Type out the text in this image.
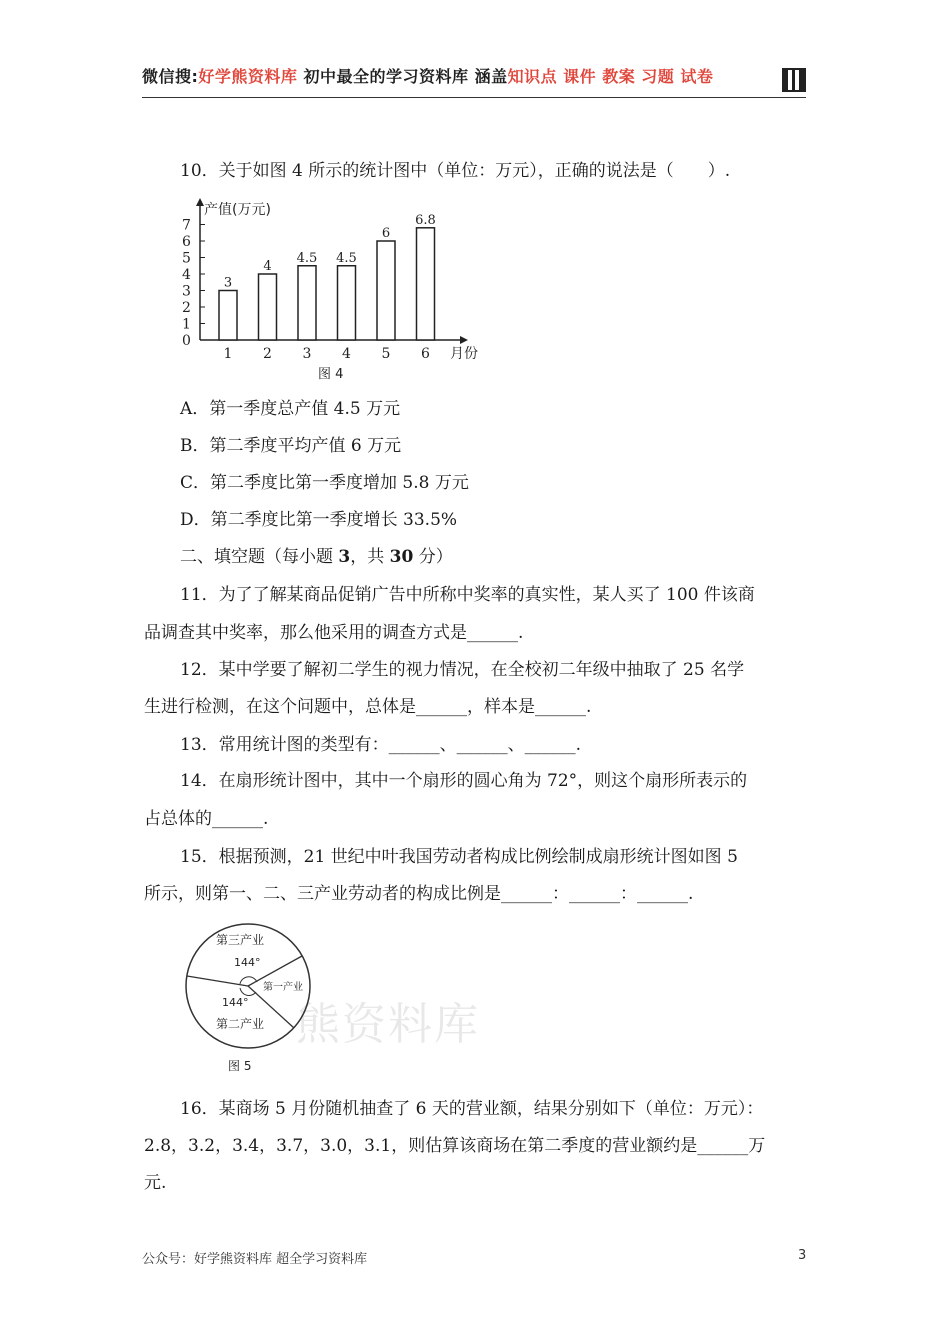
微信搜:好学熊资料库 初中最全的学习资料库 涵盖知识点 课件 教案 习题 试卷
10．关于如图 4 所示的统计图中（单位：万元），正确的说法是（　　）.
0
1
2
3
4
5
6
7
产值(万元)
3
1
4
2
4.5
3
4.5
4
6
5
6.8
6 月份
图 4
A．第一季度总产值 4.5 万元
B．第二季度平均产值 6 万元
C．第二季度比第一季度增加 5.8 万元
D．第二季度比第一季度增长 33.5%
二、填空题（每小题 3，共 30 分）
11．为了了解某商品促销广告中所称中奖率的真实性，某人买了 100 件该商
品调查其中奖率，那么他采用的调查方式是______.
12．某中学要了解初二学生的视力情况，在全校初二年级中抽取了 25 名学
生进行检测，在这个问题中，总体是______，样本是______.
13．常用统计图的类型有：______、______、______.
14．在扇形统计图中，其中一个扇形的圆心角为 72°，则这个扇形所表示的
占总体的______.
15．根据预测，21 世纪中叶我国劳动者构成比例绘制成扇形统计图如图 5
所示，则第一、二、三产业劳动者的构成比例是______：______：______.
熊资料库
第三产业
144°
第一产业
144°
第二产业
图 5
16．某商场 5 月份随机抽查了 6 天的营业额，结果分别如下（单位：万元）：
2.8，3.2，3.4，3.7，3.0，3.1，则估算该商场在第二季度的营业额约是______万
元.
公众号：好学熊资料库 超全学习资料库	3
